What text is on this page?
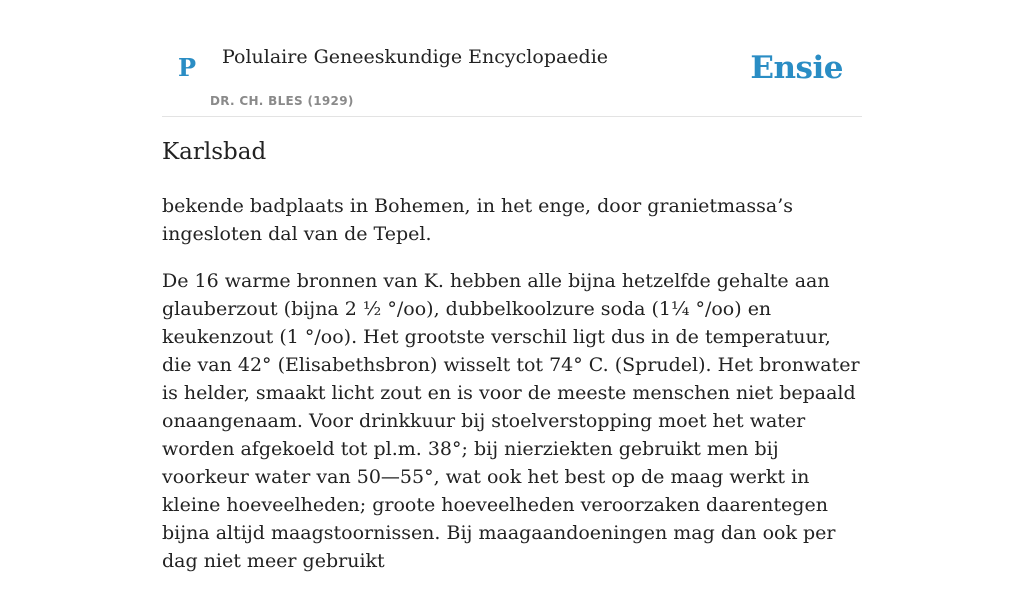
P Polulaire Geneeskundige Encyclopaedie
DR. CH. BLES (1929)
Ensie
Karlsbad

bekende badplaats in Bohemen, in het enge, door granietmassa’s ingesloten dal van de Tepel.

De 16 warme bronnen van K. hebben alle bijna hetzelfde gehalte aan glauberzout (bijna 2 ½ °/oo), dubbelkoolzure soda (1¼ °/oo) en keukenzout (1 °/oo). Het grootste verschil ligt dus in de temperatuur, die van 42° (Elisabethsbron) wisselt tot 74° C. (Sprudel). Het bronwater is helder, smaakt licht zout en is voor de meeste menschen niet bepaald onaangenaam. Voor drinkkuur bij stoelverstopping moet het water worden afgekoeld tot pl.m. 38°; bij nierziekten gebruikt men bij voorkeur water van 50—55°, wat ook het best op de maag werkt in kleine hoeveelheden; groote hoeveelheden veroorzaken daarentegen bijna altijd maagstoornissen. Bij maagaandoeningen mag dan ook per dag niet meer gebruikt
